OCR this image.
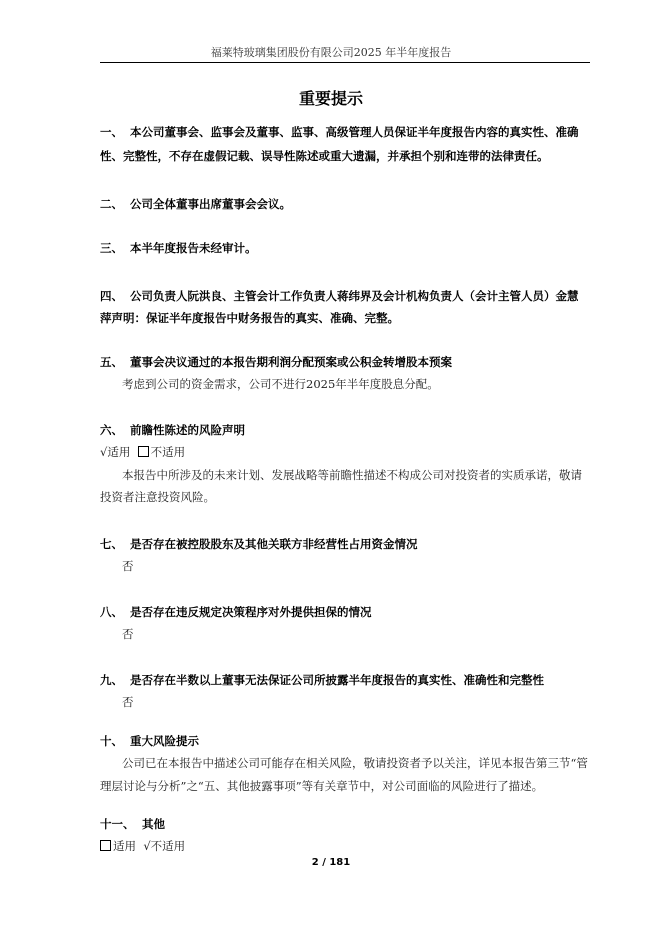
福莱特玻璃集团股份有限公司2025 年半年度报告
重要提示
一、 本公司董事会、监事会及董事、监事、高级管理人员保证半年度报告内容的真实性、准确
性、完整性，不存在虚假记载、误导性陈述或重大遗漏，并承担个别和连带的法律责任。
二、 公司全体董事出席董事会会议。
三、 本半年度报告未经审计。
四、 公司负责人阮洪良、主管会计工作负责人蒋纬界及会计机构负责人（会计主管人员）金慧
萍声明：保证半年度报告中财务报告的真实、准确、完整。
五、 董事会决议通过的本报告期利润分配预案或公积金转增股本预案
考虑到公司的资金需求，公司不进行2025年半年度股息分配。
六、 前瞻性陈述的风险声明
√适用 不适用
本报告中所涉及的未来计划、发展战略等前瞻性描述不构成公司对投资者的实质承诺，敬请
投资者注意投资风险。
七、 是否存在被控股股东及其他关联方非经营性占用资金情况
否
八、 是否存在违反规定决策程序对外提供担保的情况
否
九、 是否存在半数以上董事无法保证公司所披露半年度报告的真实性、准确性和完整性
否
十、 重大风险提示
公司已在本报告中描述公司可能存在相关风险，敬请投资者予以关注，详见本报告第三节“管
理层讨论与分析”之“五、其他披露事项”等有关章节中，对公司面临的风险进行了描述。
十一、 其他
适用 √不适用
2 / 181
